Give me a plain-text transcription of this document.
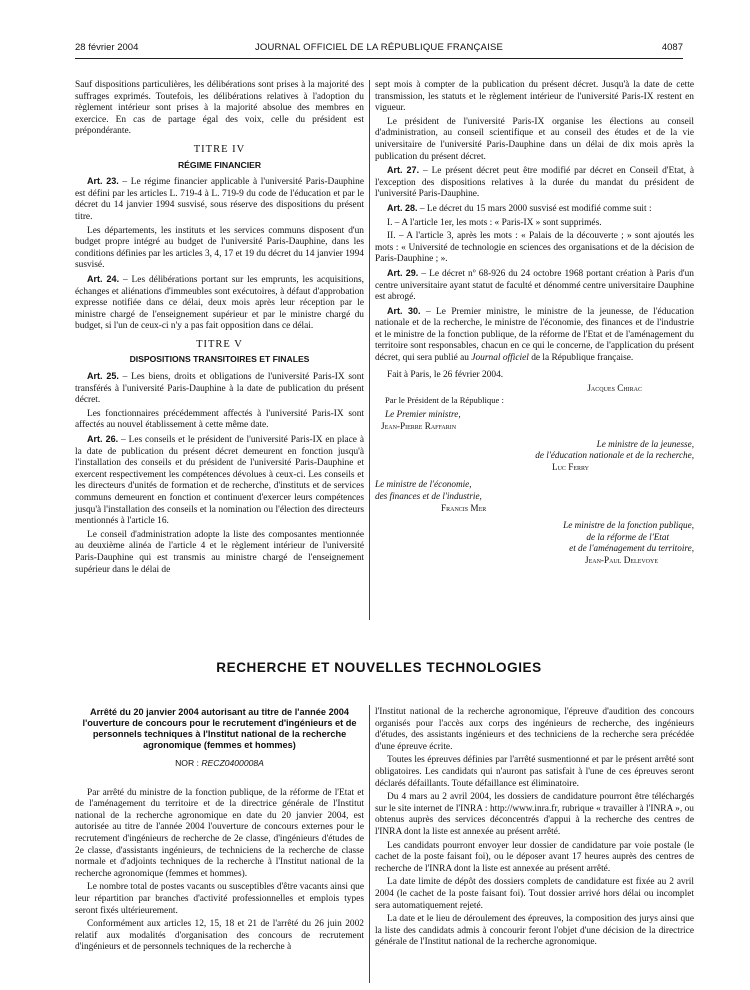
28 février 2004	JOURNAL OFFICIEL DE LA RÉPUBLIQUE FRANÇAISE	4087

Sauf dispositions particulières, les délibérations sont prises à la majorité des suffrages exprimés. Toutefois, les délibérations relatives à l'adoption du règlement intérieur sont prises à la majorité absolue des membres en exercice. En cas de partage égal des voix, celle du président est prépondérante.

TITRE IV
RÉGIME FINANCIER

Art. 23. – Le régime financier applicable à l'université Paris-Dauphine est défini par les articles L. 719-4 à L. 719-9 du code de l'éducation et par le décret du 14 janvier 1994 susvisé, sous réserve des dispositions du présent titre.

Les départements, les instituts et les services communs disposent d'un budget propre intégré au budget de l'université Paris-Dauphine, dans les conditions définies par les articles 3, 4, 17 et 19 du décret du 14 janvier 1994 susvisé.

Art. 24. – Les délibérations portant sur les emprunts, les acquisitions, échanges et aliénations d'immeubles sont exécutoires, à défaut d'approbation expresse notifiée dans ce délai, deux mois après leur réception par le ministre chargé de l'enseignement supérieur et par le ministre chargé du budget, si l'un de ceux-ci n'y a pas fait opposition dans ce délai.

TITRE V
DISPOSITIONS TRANSITOIRES ET FINALES

Art. 25. – Les biens, droits et obligations de l'université Paris-IX sont transférés à l'université Paris-Dauphine à la date de publication du présent décret.

Les fonctionnaires précédemment affectés à l'université Paris-IX sont affectés au nouvel établissement à cette même date.

Art. 26. – Les conseils et le président de l'université Paris-IX en place à la date de publication du présent décret demeurent en fonction jusqu'à l'installation des conseils et du président de l'université Paris-Dauphine et exercent respectivement les compétences dévolues à ceux-ci. Les conseils et les directeurs d'unités de formation et de recherche, d'instituts et de services communs demeurent en fonction et continuent d'exercer leurs compétences jusqu'à l'installation des conseils et la nomination ou l'élection des directeurs mentionnés à l'article 16.

Le conseil d'administration adopte la liste des composantes mentionnée au deuxième alinéa de l'article 4 et le règlement intérieur de l'université Paris-Dauphine qui est transmis au ministre chargé de l'enseignement supérieur dans le délai de

sept mois à compter de la publication du présent décret. Jusqu'à la date de cette transmission, les statuts et le règlement intérieur de l'université Paris-IX restent en vigueur.

Le président de l'université Paris-IX organise les élections au conseil d'administration, au conseil scientifique et au conseil des études et de la vie universitaire de l'université Paris-Dauphine dans un délai de dix mois après la publication du présent décret.

Art. 27. – Le présent décret peut être modifié par décret en Conseil d'Etat, à l'exception des dispositions relatives à la durée du mandat du président de l'université Paris-Dauphine.

Art. 28. – Le décret du 15 mars 2000 susvisé est modifié comme suit :

I. – A l'article 1er, les mots : « Paris-IX » sont supprimés.

II. – A l'article 3, après les mots : « Palais de la découverte ; » sont ajoutés les mots : « Université de technologie en sciences des organisations et de la décision de Paris-Dauphine ; ».

Art. 29. – Le décret nº 68-926 du 24 octobre 1968 portant création à Paris d'un centre universitaire ayant statut de faculté et dénommé centre universitaire Dauphine est abrogé.

Art. 30. – Le Premier ministre, le ministre de la jeunesse, de l'éducation nationale et de la recherche, le ministre de l'économie, des finances et de l'industrie et le ministre de la fonction publique, de la réforme de l'Etat et de l'aménagement du territoire sont responsables, chacun en ce qui le concerne, de l'application du présent décret, qui sera publié au Journal officiel de la République française.

Fait à Paris, le 26 février 2004.

Jacques Chirac
Par le Président de la République :
Le Premier ministre,
Jean-Pierre Raffarin
Le ministre de la jeunesse,
de l'éducation nationale et de la recherche,
Luc Ferry
Le ministre de l'économie,
des finances et de l'industrie,
Francis Mer
Le ministre de la fonction publique,
de la réforme de l'Etat
et de l'aménagement du territoire,
Jean-Paul Delevoye
RECHERCHE ET NOUVELLES TECHNOLOGIES
Arrêté du 20 janvier 2004 autorisant au titre de l'année 2004 l'ouverture de concours pour le recrutement d'ingénieurs et de personnels techniques à l'Institut national de la recherche agronomique (femmes et hommes)
NOR : RECZ0400008A

Par arrêté du ministre de la fonction publique, de la réforme de l'Etat et de l'aménagement du territoire et de la directrice générale de l'Institut national de la recherche agronomique en date du 20 janvier 2004, est autorisée au titre de l'année 2004 l'ouverture de concours externes pour le recrutement d'ingénieurs de recherche de 2e classe, d'ingénieurs d'études de 2e classe, d'assistants ingénieurs, de techniciens de la recherche de classe normale et d'adjoints techniques de la recherche à l'Institut national de la recherche agronomique (femmes et hommes).

Le nombre total de postes vacants ou susceptibles d'être vacants ainsi que leur répartition par branches d'activité professionnelles et emplois types seront fixés ultérieurement.

Conformément aux articles 12, 15, 18 et 21 de l'arrêté du 26 juin 2002 relatif aux modalités d'organisation des concours de recrutement d'ingénieurs et de personnels techniques de la recherche à

l'Institut national de la recherche agronomique, l'épreuve d'audition des concours organisés pour l'accès aux corps des ingénieurs de recherche, des ingénieurs d'études, des assistants ingénieurs et des techniciens de la recherche sera précédée d'une épreuve écrite.

Toutes les épreuves définies par l'arrêté susmentionné et par le présent arrêté sont obligatoires. Les candidats qui n'auront pas satisfait à l'une de ces épreuves seront déclarés défaillants. Toute défaillance est éliminatoire.

Du 4 mars au 2 avril 2004, les dossiers de candidature pourront être téléchargés sur le site internet de l'INRA : http://www.inra.fr, rubrique « travailler à l'INRA », ou obtenus auprès des services déconcentrés d'appui à la recherche des centres de l'INRA dont la liste est annexée au présent arrêté.

Les candidats pourront envoyer leur dossier de candidature par voie postale (le cachet de la poste faisant foi), ou le déposer avant 17 heures auprès des centres de recherche de l'INRA dont la liste est annexée au présent arrêté.

La date limite de dépôt des dossiers complets de candidature est fixée au 2 avril 2004 (le cachet de la poste faisant foi). Tout dossier arrivé hors délai ou incomplet sera automatiquement rejeté.

La date et le lieu de déroulement des épreuves, la composition des jurys ainsi que la liste des candidats admis à concourir feront l'objet d'une décision de la directrice générale de l'Institut national de la recherche agronomique.
